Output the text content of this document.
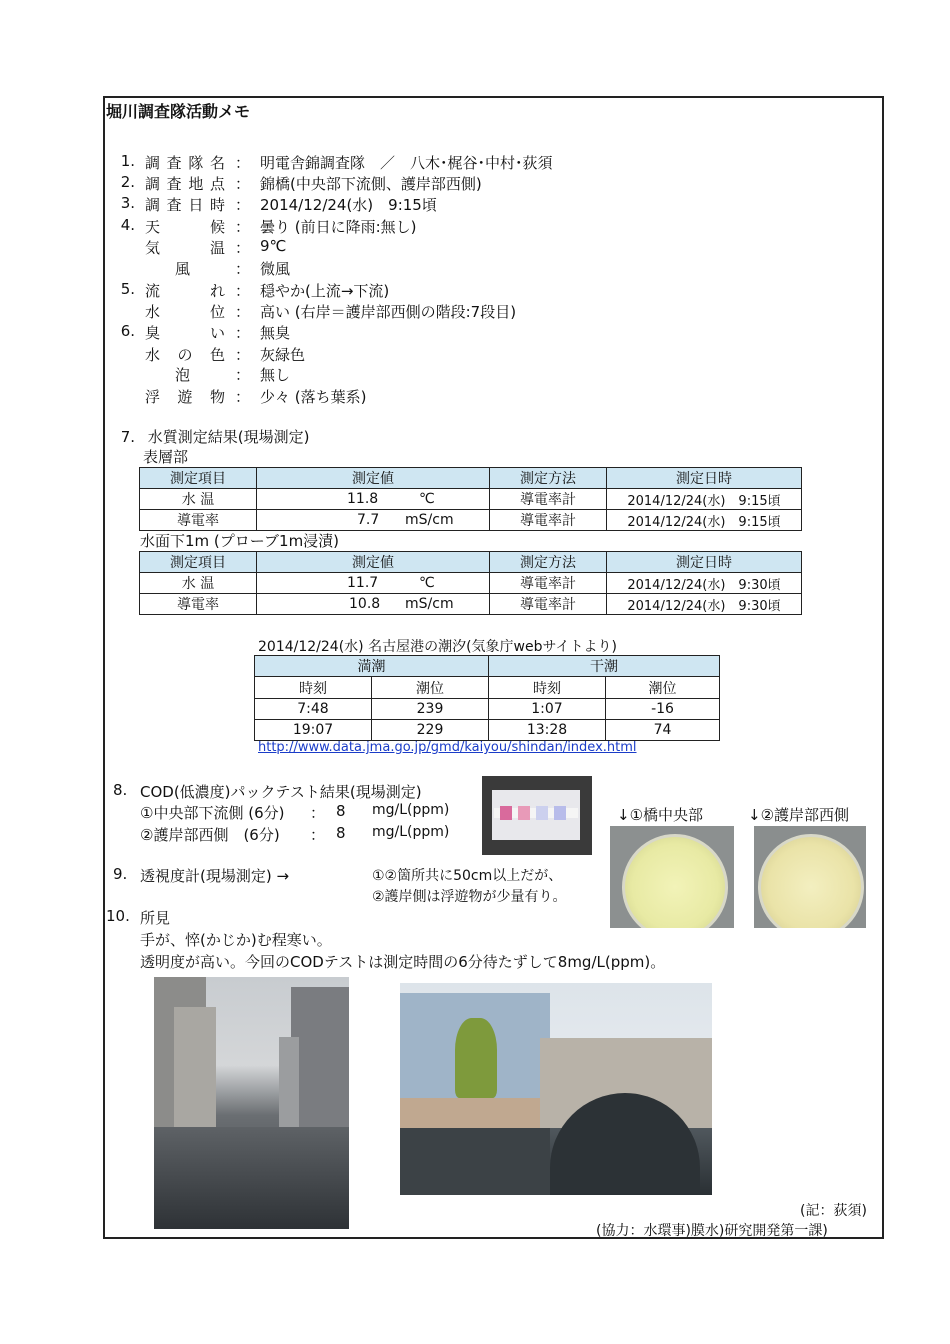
堀川調査隊活動メモ
1. 調査隊名 ： 明電舎錦調査隊　／　八木･梶谷･中村･荻須
2. 調査地点 ： 錦橋(中央部下流側、護岸部西側)
3. 調査日時 ： 2014/12/24(水)　9:15頃
4. 天候 ： 曇り (前日に降雨:無し)
気温 ： 9℃
風	： 微風
5. 流れ ： 穏やか(上流→下流)
水位 ： 高い (右岸＝護岸部西側の階段:7段目)
6. 臭い ： 無臭
水の色 ： 灰緑色
泡	： 無し
浮遊物 ： 少々 (落ち葉系)
7. 水質測定結果(現場測定)
表層部
測定項目	測定値	測定方法	測定日時
水 温	11.8 ℃	導電率計	2014/12/24(水)　9:15頃
導電率	7.7 mS/cm	導電率計	2014/12/24(水)　9:15頃
水面下1m (プローブ1m浸漬)
測定項目	測定値	測定方法	測定日時
水 温	11.7 ℃	導電率計	2014/12/24(水)　9:30頃
導電率	10.8 mS/cm	導電率計	2014/12/24(水)　9:30頃
2014/12/24(水) 名古屋港の潮汐(気象庁webサイトより)
満潮		干潮	
時刻	潮位	時刻	潮位
7:48	239	1:07	-16
19:07	229	13:28	74
http://www.data.jma.go.jp/gmd/kaiyou/shindan/index.html
8. COD(低濃度)パックテスト結果(現場測定)
①中央部下流側 (6分) ： 8 mg/L(ppm)
②護岸部西側　(6分) ： 8 mg/L(ppm)
↓①橋中央部	↓②護岸部西側
9. 透視度計(現場測定) →	①②箇所共に50cm以上だが、
②護岸側は浮遊物が少量有り。
10. 所見
手が、悴(かじか)む程寒い。
透明度が高い。今回のCODテストは測定時間の6分待たずして8mg/L(ppm)。
(記：荻須)
(協力：水環事)膜水)研究開発第一課)
